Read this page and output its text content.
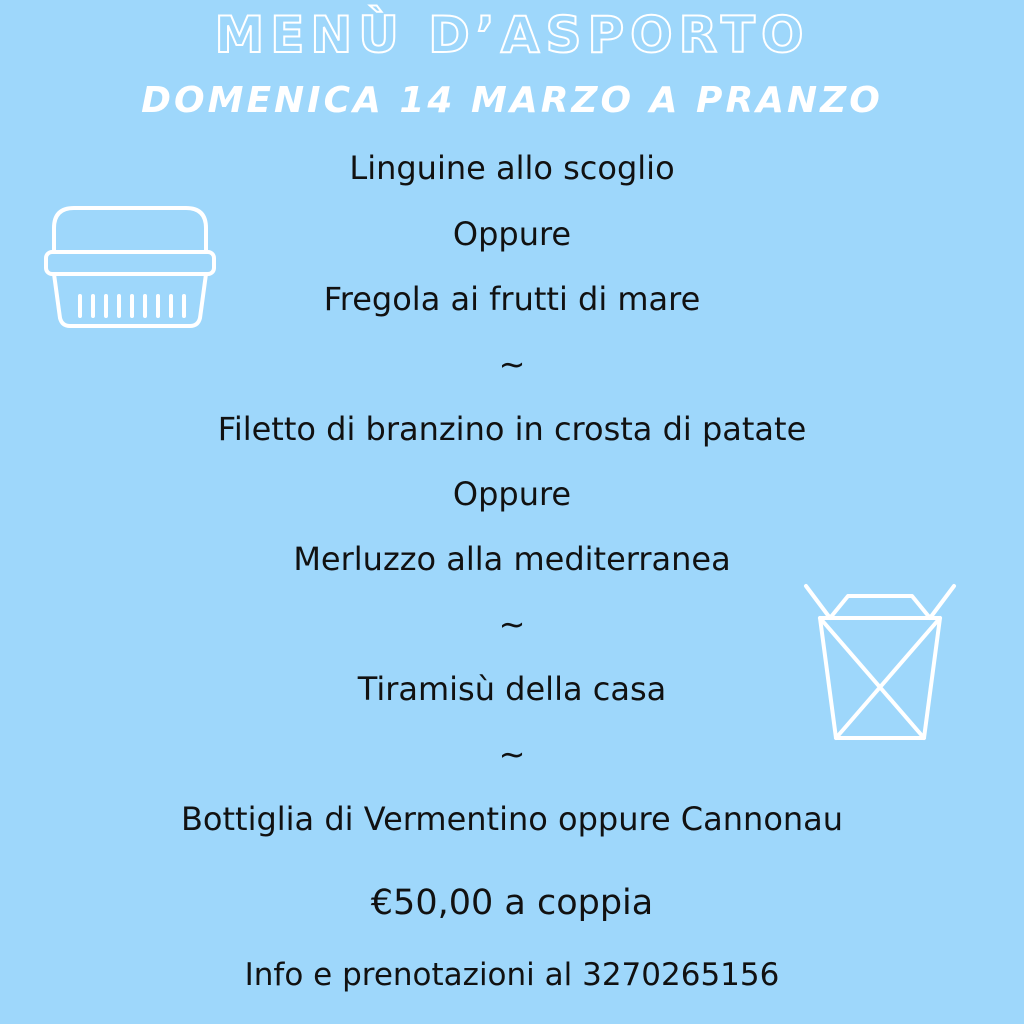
MENÙ D’ASPORTO
DOMENICA 14 MARZO A PRANZO
Linguine allo scoglio
Oppure
Fregola ai frutti di mare
~
Filetto di branzino in crosta di patate
Oppure
Merluzzo alla mediterranea
~
Tiramisù della casa
~
Bottiglia di Vermentino oppure Cannonau
€50,00 a coppia
Info e prenotazioni al 3270265156
